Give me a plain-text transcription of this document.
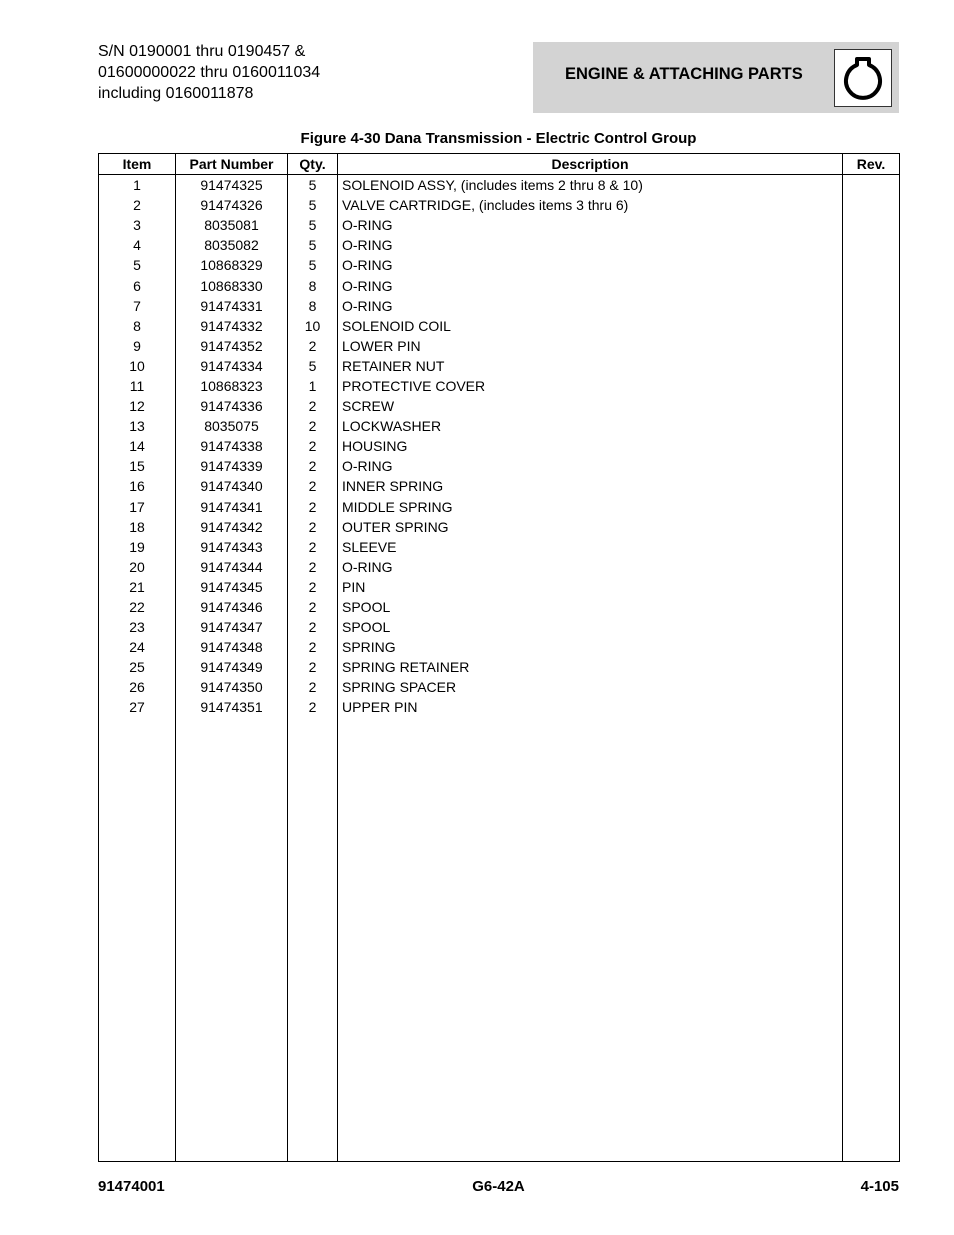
S/N 0190001 thru 0190457 &
01600000022 thru 0160011034
including 0160011878
ENGINE & ATTACHING PARTS
Figure 4-30 Dana Transmission - Electric Control Group
Item	Part Number	Qty.	Description	Rev.
1	91474325	5	SOLENOID ASSY, (includes items 2 thru 8 & 10)	
2	91474326	5	VALVE CARTRIDGE, (includes items 3 thru 6)	
3	8035081	5	O-RING	
4	8035082	5	O-RING	
5	10868329	5	O-RING	
6	10868330	8	O-RING	
7	91474331	8	O-RING	
8	91474332	10	SOLENOID COIL	
9	91474352	2	LOWER PIN	
10	91474334	5	RETAINER NUT	
11	10868323	1	PROTECTIVE COVER	
12	91474336	2	SCREW	
13	8035075	2	LOCKWASHER	
14	91474338	2	HOUSING	
15	91474339	2	O-RING	
16	91474340	2	INNER SPRING	
17	91474341	2	MIDDLE SPRING	
18	91474342	2	OUTER SPRING	
19	91474343	2	SLEEVE	
20	91474344	2	O-RING	
21	91474345	2	PIN	
22	91474346	2	SPOOL	
23	91474347	2	SPOOL	
24	91474348	2	SPRING	
25	91474349	2	SPRING RETAINER	
26	91474350	2	SPRING SPACER	
27	91474351	2	UPPER PIN	

91474001	G6-42A	4-105
